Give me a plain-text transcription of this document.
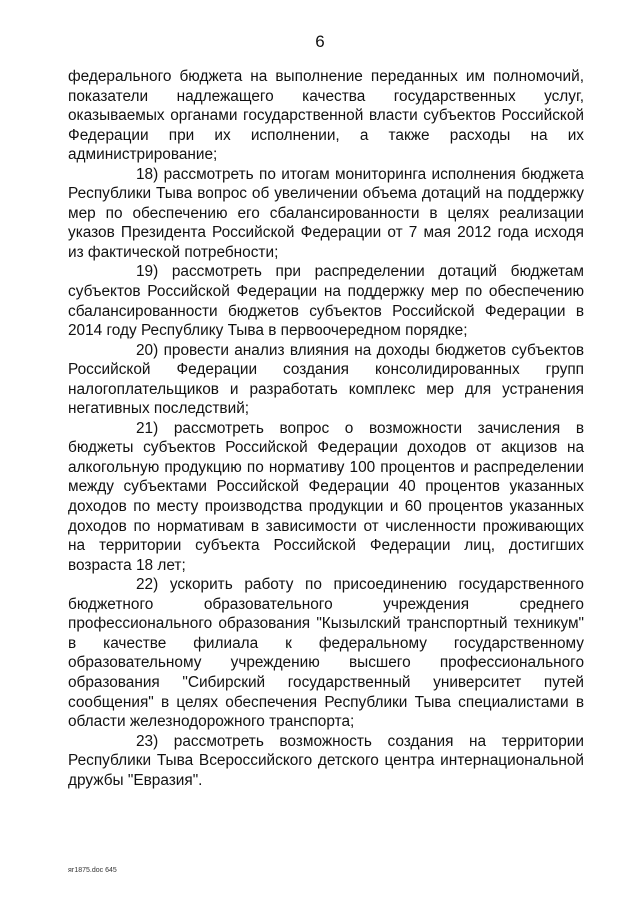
6

федерального бюджета на выполнение переданных им полномочий, показатели надлежащего качества государственных услуг, оказываемых органами государственной власти субъектов Российской Федерации при их исполнении, а также расходы на их администрирование;

18) рассмотреть по итогам мониторинга исполнения бюджета Республики Тыва вопрос об увеличении объема дотаций на поддержку мер по обеспечению его сбалансированности в целях реализации указов Президента Российской Федерации от 7 мая 2012 года исходя из фактической потребности;

19) рассмотреть при распределении дотаций бюджетам субъектов Российской Федерации на поддержку мер по обеспечению сбалансированности бюджетов субъектов Российской Федерации в 2014 году Республику Тыва в первоочередном порядке;

20) провести анализ влияния на доходы бюджетов субъектов Российской Федерации создания консолидированных групп налогоплательщиков и разработать комплекс мер для устранения негативных последствий;

21) рассмотреть вопрос о возможности зачисления в бюджеты субъектов Российской Федерации доходов от акцизов на алкогольную продукцию по нормативу 100 процентов и распределении между субъектами Российской Федерации 40 процентов указанных доходов по месту производства продукции и 60 процентов указанных доходов по нормативам в зависимости от численности проживающих на территории субъекта Российской Федерации лиц, достигших возраста 18 лет;

22) ускорить работу по присоединению государственного бюджетного образовательного учреждения среднего профессионального образования "Кызылский транспортный техникум" в качестве филиала к федеральному государственному образовательному учреждению высшего профессионального образования "Сибирский государственный университет путей сообщения" в целях обеспечения Республики Тыва специалистами в области железнодорожного транспорта;

23) рассмотреть возможность создания на территории Республики Тыва Всероссийского детского центра интернациональной дружбы "Евразия".

яг1875.doc 645
